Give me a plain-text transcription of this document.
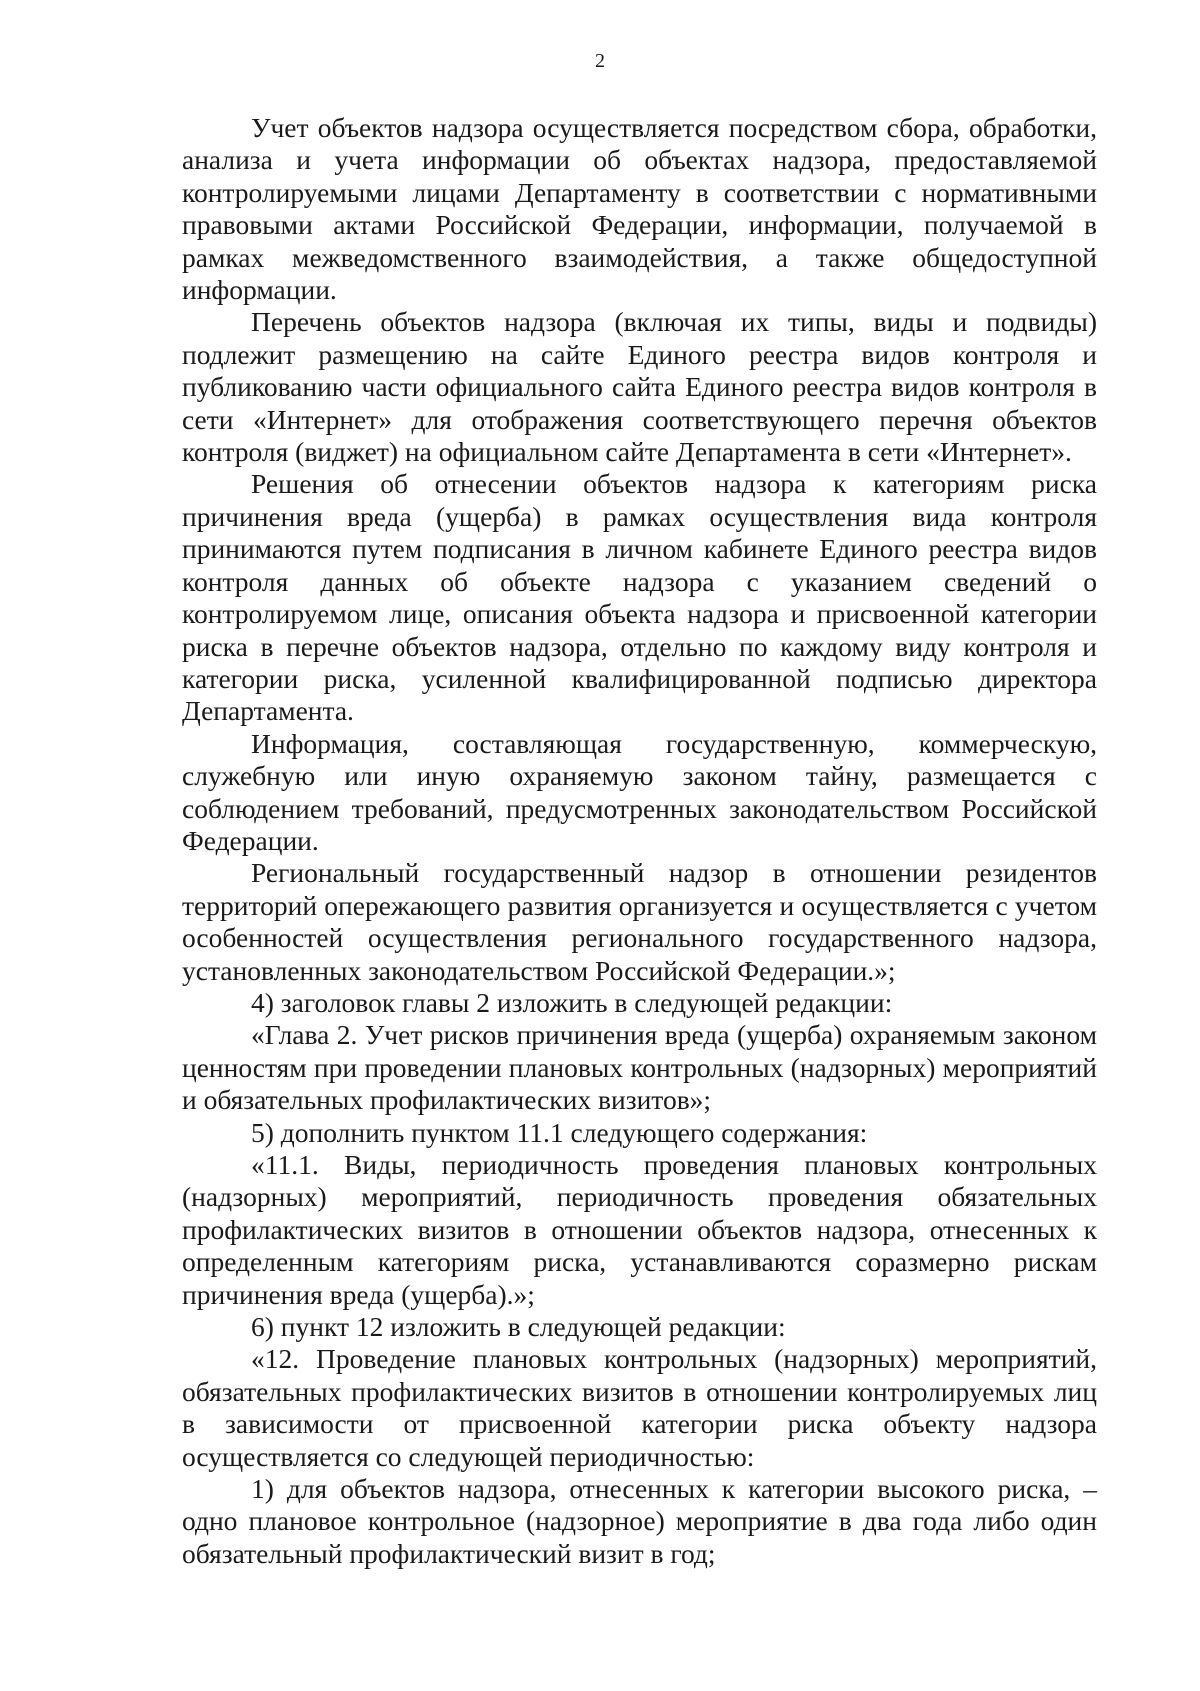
2

Учет объектов надзора осуществляется посредством сбора, обработки, анализа и учета информации об объектах надзора, предоставляемой контролируемыми лицами Департаменту в соответствии с нормативными правовыми актами Российской Федерации, информации, получаемой в рамках межведомственного взаимодействия, а также общедоступной информации.

Перечень объектов надзора (включая их типы, виды и подвиды) подлежит размещению на сайте Единого реестра видов контроля и публикованию части официального сайта Единого реестра видов контроля в сети «Интернет» для отображения соответствующего перечня объектов контроля (виджет) на официальном сайте Департамента в сети «Интернет».

Решения об отнесении объектов надзора к категориям риска причинения вреда (ущерба) в рамках осуществления вида контроля принимаются путем подписания в личном кабинете Единого реестра видов контроля данных об объекте надзора с указанием сведений о контролируемом лице, описания объекта надзора и присвоенной категории риска в перечне объектов надзора, отдельно по каждому виду контроля и категории риска, усиленной квалифицированной подписью директора Департамента.

Информация, составляющая государственную, коммерческую, служебную или иную охраняемую законом тайну, размещается с соблюдением требований, предусмотренных законодательством Российской Федерации.

Региональный государственный надзор в отношении резидентов территорий опережающего развития организуется и осуществляется с учетом особенностей осуществления регионального государственного надзора, установленных законодательством Российской Федерации.»;

4) заголовок главы 2 изложить в следующей редакции:

«Глава 2. Учет рисков причинения вреда (ущерба) охраняемым законом ценностям при проведении плановых контрольных (надзорных) мероприятий и обязательных профилактических визитов»;

5) дополнить пунктом 11.1 следующего содержания:

«11.1. Виды, периодичность проведения плановых контрольных (надзорных) мероприятий, периодичность проведения обязательных профилактических визитов в отношении объектов надзора, отнесенных к определенным категориям риска, устанавливаются соразмерно рискам причинения вреда (ущерба).»;

6) пункт 12 изложить в следующей редакции:

«12. Проведение плановых контрольных (надзорных) мероприятий, обязательных профилактических визитов в отношении контролируемых лиц в зависимости от присвоенной категории риска объекту надзора осуществляется со следующей периодичностью:

1) для объектов надзора, отнесенных к категории высокого риска, – одно плановое контрольное (надзорное) мероприятие в два года либо один обязательный профилактический визит в год;
